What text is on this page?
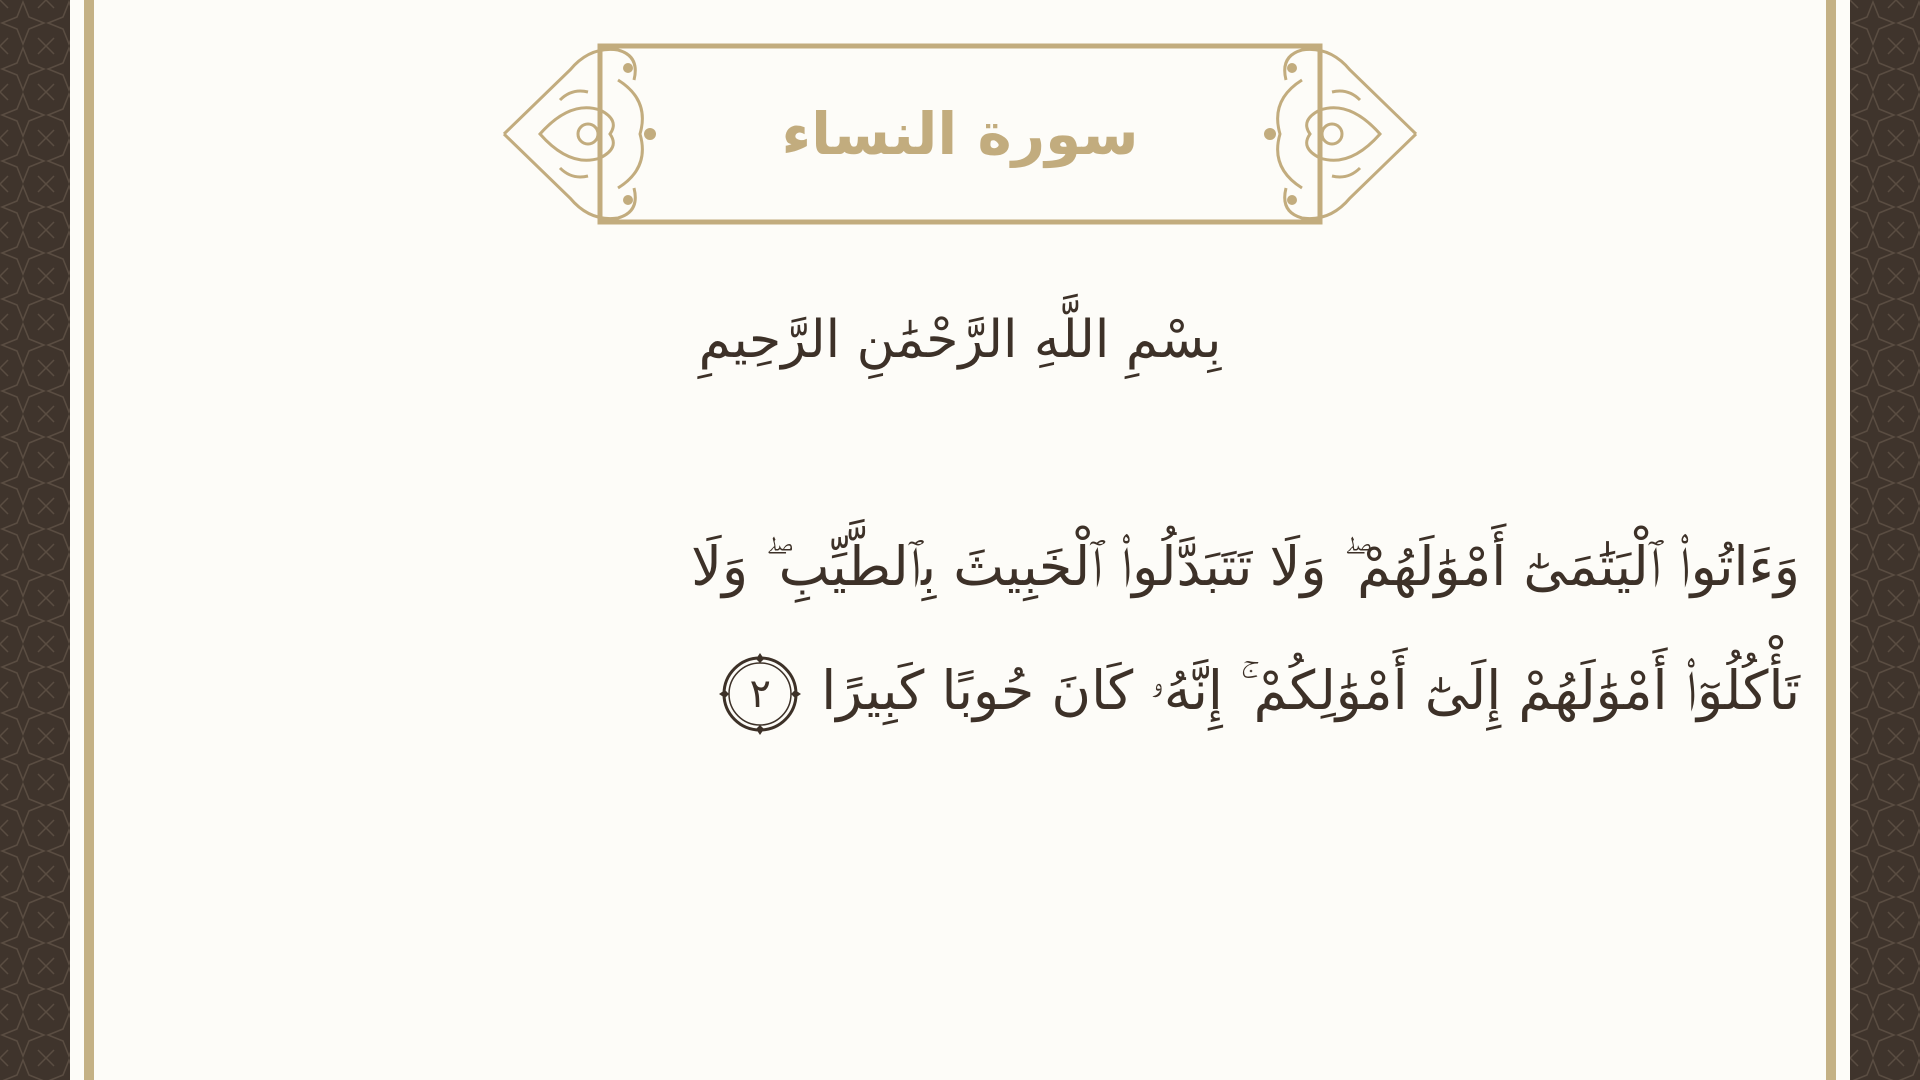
سورة النساء
بِسْمِ اللَّهِ الرَّحْمَٰنِ الرَّحِيمِ
وَءَاتُوا۟ ٱلْيَتَٰمَىٰٓ أَمْوَٰلَهُمْ ۖ وَلَا تَتَبَدَّلُوا۟ ٱلْخَبِيثَ بِٱلطَّيِّبِ ۖ وَلَا
تَأْكُلُوٓا۟ أَمْوَٰلَهُمْ إِلَىٰٓ أَمْوَٰلِكُمْ ۚ إِنَّهُۥ كَانَ حُوبًا كَبِيرًا
٢
